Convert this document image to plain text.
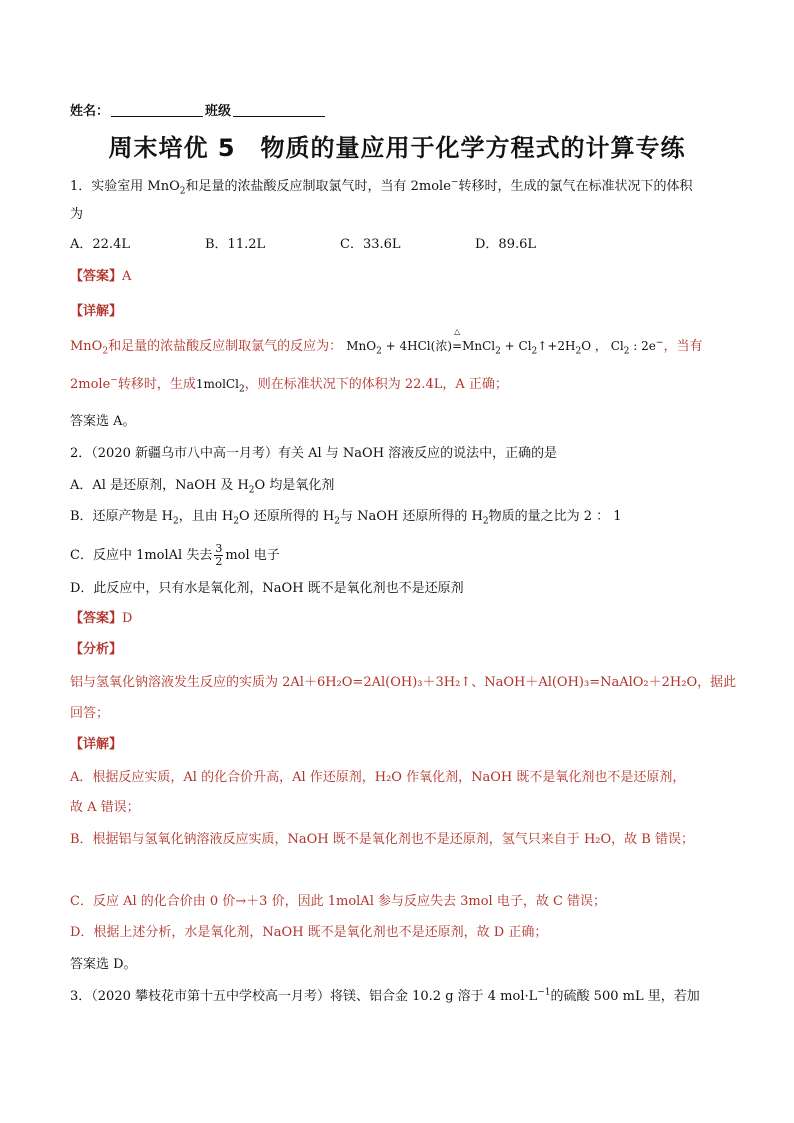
姓名：	班级
周末培优 5　物质的量应用于化学方程式的计算专练
1．实验室用 MnO$_2$和足量的浓盐酸反应制取氯气时，当有 2mole−转移时，生成的氯气在标准状况下的体积
为
A．22.4L	B．11.2L	C．33.6L	D．89.6L
【答案】A
【详解】
MnO$_2$和足量的浓盐酸反应制取氯气的反应为： MnO$_2$ + 4HCl(浓)
△
=MnCl$_2$ + $Cl_2↑+2H_2O$ ， $Cl_2$ : 2e−，当有
2mole−转移时，生成1molCl$_2$，则在标准状况下的体积为 22.4L，A 正确；
答案选 A。
2．（2020 新疆乌市八中高一月考）有关 Al 与 NaOH 溶液反应的说法中，正确的是
A．Al 是还原剂，NaOH 及 $H_2O$ 均是氧化剂
B．还原产物是 $H_2$，且由 $H_2O$ 还原所得的 $H_2$与 NaOH 还原所得的 $H_2$物质的量之比为 2 ： 1
C．反应中 1molAl 失去 $\frac{3}{2}$ mol 电子
D．此反应中，只有水是氧化剂，NaOH 既不是氧化剂也不是还原剂
【答案】D
【分析】
铝与氢氧化钠溶液发生反应的实质为 2Al＋6H₂O=2Al(OH)₃＋3H₂↑、NaOH＋Al(OH)₃=NaAlO₂＋2H₂O，据此
回答；
【详解】
A．根据反应实质，Al 的化合价升高，Al 作还原剂，H₂O 作氧化剂，NaOH 既不是氧化剂也不是还原剂，
故 A 错误；
B．根据铝与氢氧化钠溶液反应实质，NaOH 既不是氧化剂也不是还原剂，氢气只来自于 H₂O，故 B 错误；
C．反应 Al 的化合价由 0 价→＋3 价，因此 1molAl 参与反应失去 3mol 电子，故 C 错误；
D．根据上述分析，水是氧化剂，NaOH 既不是氧化剂也不是还原剂，故 D 正确；
答案选 D。
3．（2020 攀枝花市第十五中学校高一月考）将镁、铝合金 10.2 g 溶于 4 $mol\cdot L^{-1}$的硫酸 500 mL 里，若加
